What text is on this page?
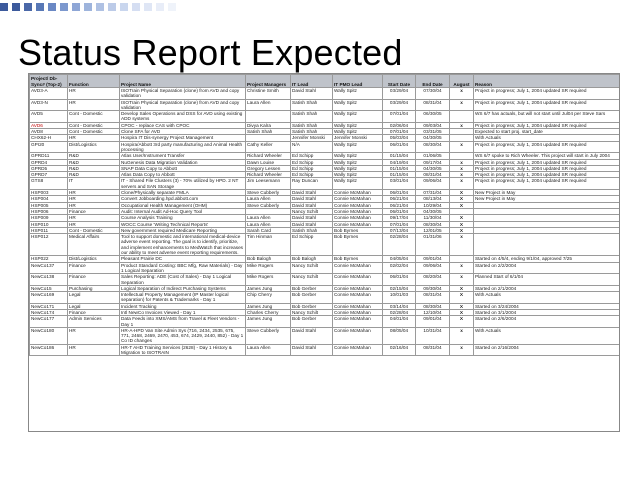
Status Report Expected
Project/ Db-Sync# (Top-2)	Function	Project Name	Project Managers	IT Lead	IT PMO Lead	Start Date	End Date	August	Reason
AVD3-A	HR	ISOTrain Physical Separation (clone) from AVD and copy validation	Christine Smith	David Stahl	Wally Spitz	03/29/04	07/30/04	x	Project in progress; July 1, 2004 updated SR required
AVD3-N	HR	ISOTrain Physical Separation (clone) from AVD and copy validation	Laura Allen	Satish Shah	Wally Spitz	03/29/04	08/31/04	x	Project in progress; July 1, 2004 updated SR required
AVD5	Cont - Domestic	Develop Sales Operations and DSS for AVD using existing ADD systems		Satish Shah	Wally Spitz	07/01/04	06/30/05		WS 6/7 has actuals, but will not start until Jul04 per Steve Sars
AVD6	Cont - Domestic	CPOC - replace CAS with CPOC	Divya Kalra	Satish Shah	Wally Spitz	02/06/04	09/03/04	x	Project in progress; July 1, 2004 updated SR required
AVD8	Cont - Domestic	Clone SFA for AVD	Satish Shah	Satish Shah	Wally Spitz	07/01/04	03/31/05		Expected to start proj. start_date
CHX62-H	HR	Hospira IT Dis-synergy Project Management		Jennifer Monski	Jennifer Monski	05/03/04	04/30/05		With Actuals
GPI20	Dist/Logistics	Hospira/Abbott 3rd party manufacturing and Animal Health processing	Cathy Keller	N/A	Wally Spitz	06/01/04	08/30/04	x	Project in progress; July 1, 2004 updated SR required
GPRD11	R&D	Atlas User/Instrument Transfer	Richard Wheeler	Ed Schipp	Wally Spitz	01/15/04	01/06/05		WS 6/7 spoke to Rich Wheeler. This project will start in July 2004
GPRD4	R&D	NuGenesis Data Migration Validation	Dawn Louise	Ed Schipp	Wally Spitz	04/19/04	09/17/04	x	Project in progress; July 1, 2004 updated SR required
GPRD5	R&D	SNAP Data Copy to Abbott	Gregory Lessen	Ed Schipp	Wally Spitz	01/15/04	04/30/05	x	Project in progress; July 1, 2004 updated SR required
GPRD7	R&D	Atlas Data Copy to Abbott	Richard Wheeler	Ed Schipp	Wally Spitz	01/15/04	08/31/04	x	Project in progress; July 1, 2004 updated SR required
GTS8	IT	IT - Shared File Clusters (3) - 70% utilized by HPD. 2 NT servers and SAN Storage	Jim Leesemann	Ray Duncan	Wally Spitz	03/01/04	09/06/04	x	Project in progress; July 1, 2004 updated SR required
HSP003	HR	Clone/Physically separate FMLA	Steve Cubberly	David Stahl	Connie McMahan	06/01/04	07/31/04	X	New Project in May
HSP004	HR	Convert Jobboarding.hpd.abbott.com	Laura Allen	David Stahl	Connie McMahan	06/21/04	08/13/04	X	New Project in May
HSP005	HR	Occupational Health Management (OHM)	Steve Cubberly	David Stahl	Connie McMahan	06/21/04	10/29/04	X	
HSP006	Finance	Audit: Internal Audit Ad-Hoc Query Tool		Nancy Schilt	Connie McMahan	06/01/04	04/30/05		
HSP009	HR	Course Analysis Training	Laura Allen	David Stahl	Connie McMahan	09/17/04	11/30/04	X	
HSP010	HR	WOCC Course 'Writing Technical Reports'	Laura Allen	David Stahl	Connie McMahan	07/01/04	08/30/04	X	
HSP011	Cont - Domestic	New government required Medicare Reporting	Sarah Card	Satish Shah	Bob Byrnes	07/13/04	12/01/05	X	
HSP012	Medical Affairs	Tool to support domestic and international medical-device adverse event reporting. The goal is to identify, prioritize, and implement enhancements to MedWatch that increases our ability to meet adverse event reporting requirements.	Tim Hinman	Ed Schipp	Bob Byrnes	02/28/04	01/31/06	x	
HSP022	Dist/Logistics	Pleasant Prairie DC	Bob Balogh	Bob Balogh	Bob Byrnes	04/05/04	09/01/04		Started on 4/5/4, ending 9/1/04, approved 7/25
NewCo137	Finance	Product Standard Costing: BBC Mfg, Raw Materials) - Day 1 Logical Separation	Mike Rogers	Nancy Schilt	Connie McMahan	02/02/04	09/06/04	x	Started on 2/2/2004
NewCo138	Finance	Sales Reporting: ADE (Cost of Sales) - Day 1 Logical Separation	Mike Rogers	Nancy Schilt	Connie McMahan	06/01/04	08/20/04	x	Planned Start of 6/1/04
NewCo15	Purchasing	Logical Separation of Indirect Purchasing Systems	James Jung	Bob Gerber	Connie McMahan	02/15/04	09/30/04	X	Started on 2/1/2004
NewCo169	Legal	Intellectual Property Management (IP Master logical separation) for Patents & Trademarks - Day 1	Chip Cherry	Bob Gerber	Connie McMahan	10/01/03	08/31/04	X	With Actuals
NewCo171	Legal	Incident Tracking	James Jung	Bob Gerber	Connie McMahan	03/14/04	08/30/04	X	Started on 3/24/2004
NewCo174	Finance	Intl NewCo Invoices Viewed - Day 1	Charles Cherry	Nancy Schilt	Connie McMahan	02/28/04	12/10/04	X	Started on 3/1/2004
NewCo177	Admin Services	Data Feeds into XMS/AMS from Travel & Fleet Vendors - Day 1	James Jung	Bob Gerber	Connie McMahan	04/01/04	09/01/04	X	Started on 2/6/2004
NewCo180	HR	HR-A-HPD Van Site Admin Sys (716, 2434, 2535, 675, 771, 2468, 2469, 2470, 453, 674, 2429, 2440, 852) - Day 1 Co ID changes	Steve Cubberly	David Stahl	Connie McMahan	08/05/04	10/31/04	x	With Actuals
NewCo186	HR	HR-T AHD Training Services (2628) - Day 1 History & Migration to ISOTRAIN	Laura Allen	David Stahl	Connie McMahan	02/16/04	08/31/04	x	Started on 2/16/2004
